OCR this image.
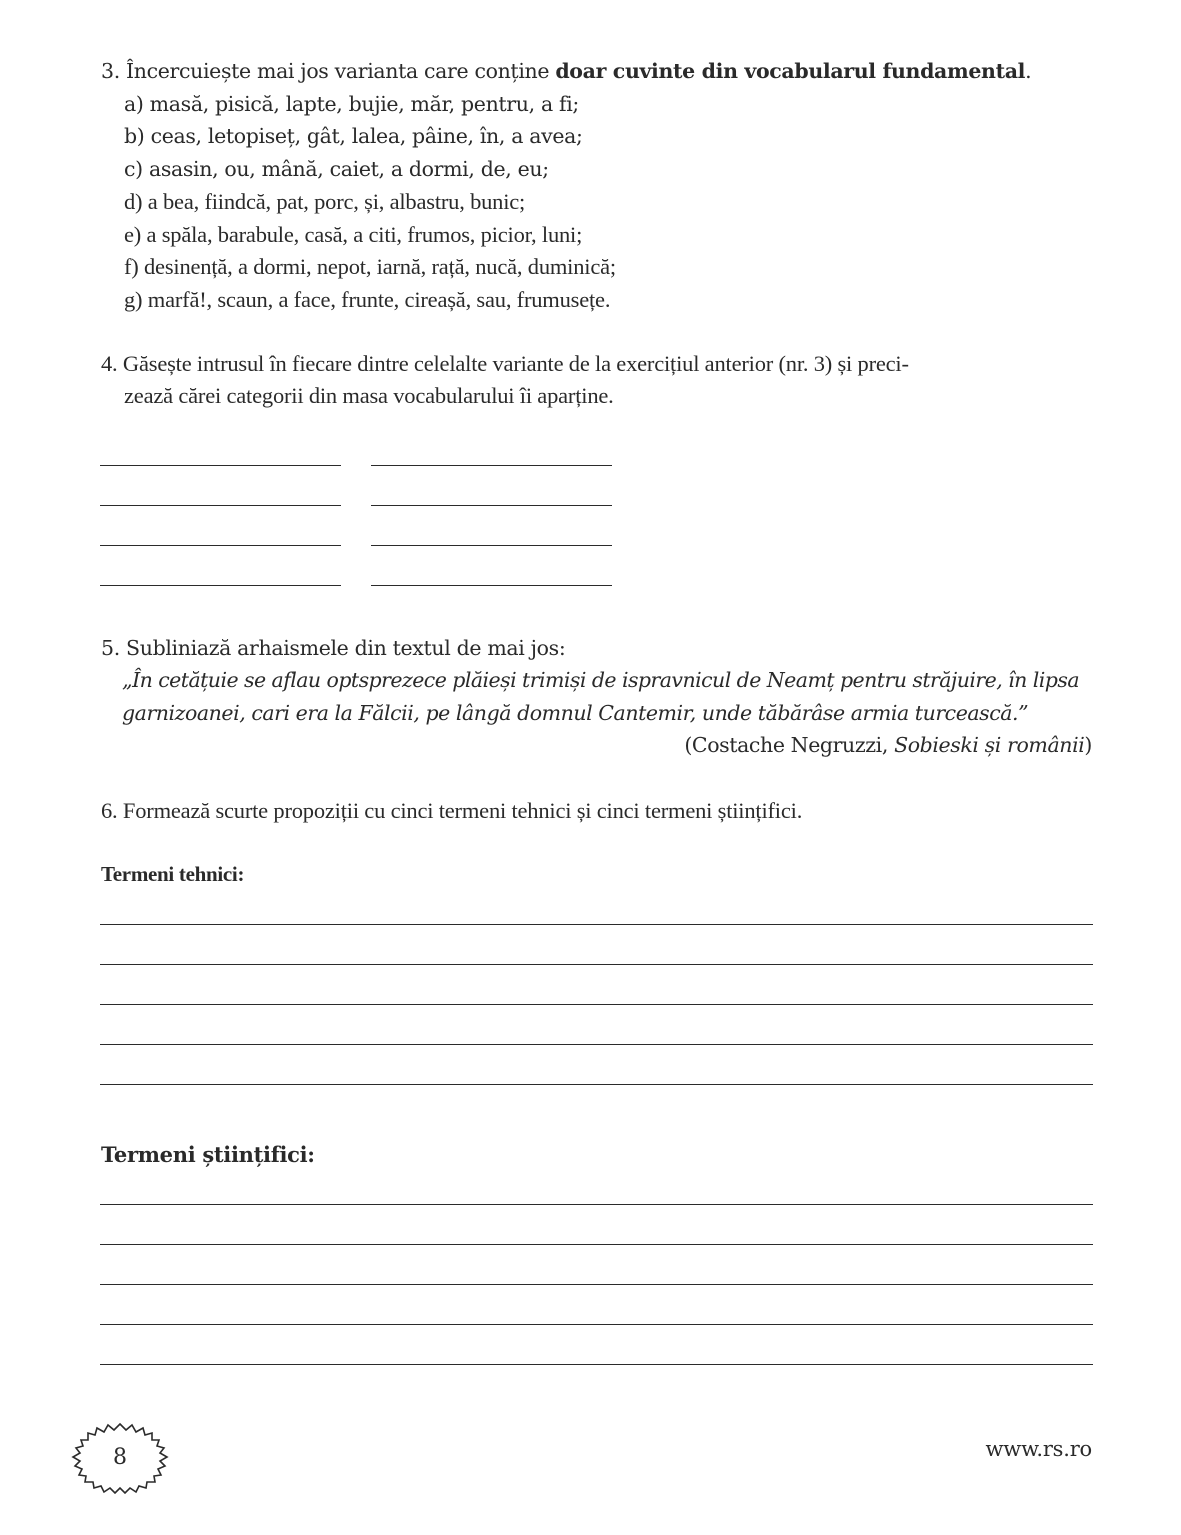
3. Încercuiește mai jos varianta care conține doar cuvinte din vocabularul fundamental.
a) masă, pisică, lapte, bujie, măr, pentru, a fi;
b) ceas, letopiseț, gât, lalea, pâine, în, a avea;
c) asasin, ou, mână, caiet, a dormi, de, eu;
d) a bea, fiindcă, pat, porc, și, albastru, bunic;
e) a spăla, barabule, casă, a citi, frumos, picior, luni;
f) desinență, a dormi, nepot, iarnă, rață, nucă, duminică;
g) marfă!, scaun, a face, frunte, cireașă, sau, frumusețe.
4. Găsește intrusul în fiecare dintre celelalte variante de la exercițiul anterior (nr. 3) și preci-
zează cărei categorii din masa vocabularului îi aparține.
5. Subliniază arhaismele din textul de mai jos:
„În cetățuie se aflau optsprezece plăieși trimiși de ispravnicul de Neamț pentru străjuire, în lipsa
garnizoanei, cari era la Fălcii, pe lângă domnul Cantemir, unde tăbărâse armia turcească.”
(Costache Negruzzi, Sobieski și românii)
6. Formează scurte propoziții cu cinci termeni tehnici și cinci termeni științifici.
Termeni tehnici:
Termeni științifici:
8	www.rs.ro
